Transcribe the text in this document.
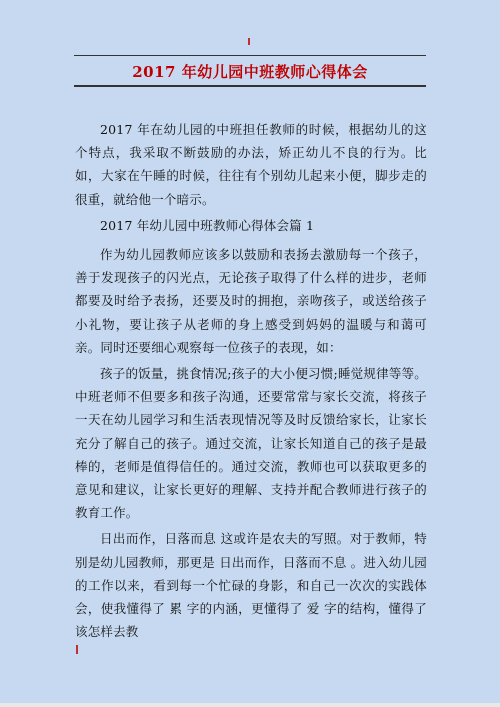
2017 年幼儿园中班教师心得体会

2017 年在幼儿园的中班担任教师的时候，根据幼儿的这个特点，我采取不断鼓励的办法，矫正幼儿不良的行为。比如，大家在午睡的时候，往往有个别幼儿起来小便，脚步走的很重，就给他一个暗示。

2017 年幼儿园中班教师心得体会篇 1

作为幼儿园教师应该多以鼓励和表扬去激励每一个孩子，善于发现孩子的闪光点，无论孩子取得了什么样的进步，老师都要及时给予表扬，还要及时的拥抱，亲吻孩子，或送给孩子小礼物，要让孩子从老师的身上感受到妈妈的温暖与和蔼可亲。同时还要细心观察每一位孩子的表现，如：

孩子的饭量，挑食情况;孩子的大小便习惯;睡觉规律等等。中班老师不但要多和孩子沟通，还要常常与家长交流，将孩子一天在幼儿园学习和生活表现情况等及时反馈给家长，让家长充分了解自己的孩子。通过交流，让家长知道自己的孩子是最棒的，老师是值得信任的。通过交流，教师也可以获取更多的意见和建议，让家长更好的理解、支持并配合教师进行孩子的教育工作。

日出而作，日落而息 这或许是农夫的写照。对于教师，特别是幼儿园教师，那更是 日出而作，日落而不息 。进入幼儿园的工作以来，看到每一个忙碌的身影，和自己一次次的实践体会，使我懂得了 累 字的内涵，更懂得了 爱 字的结构，懂得了该怎样去教
